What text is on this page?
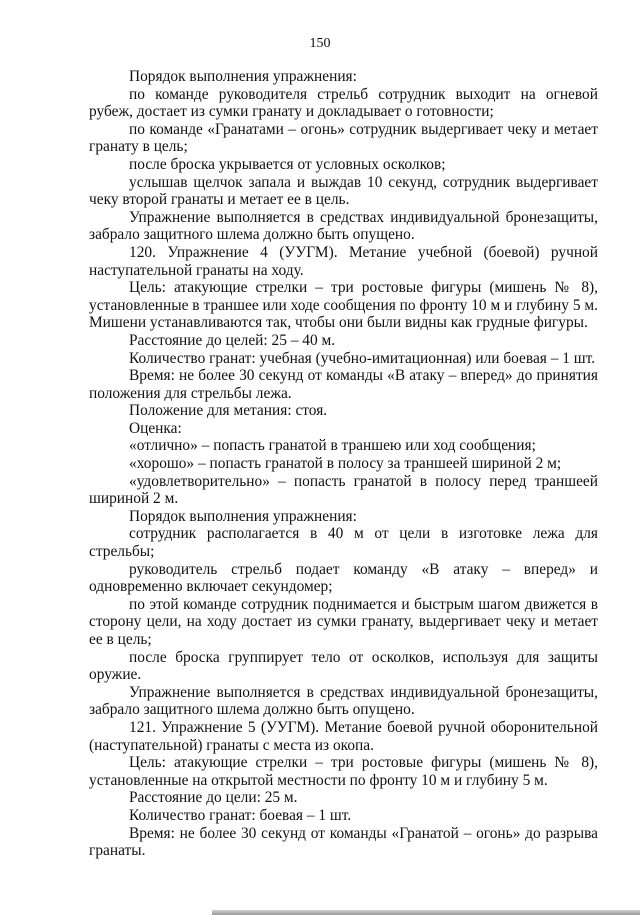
150

Порядок выполнения упражнения:

по команде руководителя стрельб сотрудник выходит на огневой рубеж, достает из сумки гранату и докладывает о готовности;

по команде «Гранатами – огонь» сотрудник выдергивает чеку и метает гранату в цель;

после броска укрывается от условных осколков;

услышав щелчок запала и выждав 10 секунд, сотрудник выдергивает чеку второй гранаты и метает ее в цель.

Упражнение выполняется в средствах индивидуальной бронезащиты, забрало защитного шлема должно быть опущено.

120. Упражнение 4 (УУГМ). Метание учебной (боевой) ручной наступательной гранаты на ходу.

Цель: атакующие стрелки – три ростовые фигуры (мишень № 8), установленные в траншее или ходе сообщения по фронту 10 м и глубину 5 м. Мишени устанавливаются так, чтобы они были видны как грудные фигуры.

Расстояние до целей: 25 – 40 м.

Количество гранат: учебная (учебно-имитационная) или боевая – 1 шт.

Время: не более 30 секунд от команды «В атаку – вперед» до принятия положения для стрельбы лежа.

Положение для метания: стоя.

Оценка:

«отлично» – попасть гранатой в траншею или ход сообщения;

«хорошо» – попасть гранатой в полосу за траншеей шириной 2 м;

«удовлетворительно» – попасть гранатой в полосу перед траншеей шириной 2 м.

Порядок выполнения упражнения:

сотрудник располагается в 40 м от цели в изготовке лежа для стрельбы;

руководитель стрельб подает команду «В атаку – вперед» и одновременно включает секундомер;

по этой команде сотрудник поднимается и быстрым шагом движется в сторону цели, на ходу достает из сумки гранату, выдергивает чеку и метает ее в цель;

после броска группирует тело от осколков, используя для защиты оружие.

Упражнение выполняется в средствах индивидуальной бронезащиты, забрало защитного шлема должно быть опущено.

121. Упражнение 5 (УУГМ). Метание боевой ручной оборонительной (наступательной) гранаты с места из окопа.

Цель: атакующие стрелки – три ростовые фигуры (мишень № 8), установленные на открытой местности по фронту 10 м и глубину 5 м.

Расстояние до цели: 25 м.

Количество гранат: боевая – 1 шт.

Время: не более 30 секунд от команды «Гранатой – огонь» до разрыва гранаты.
